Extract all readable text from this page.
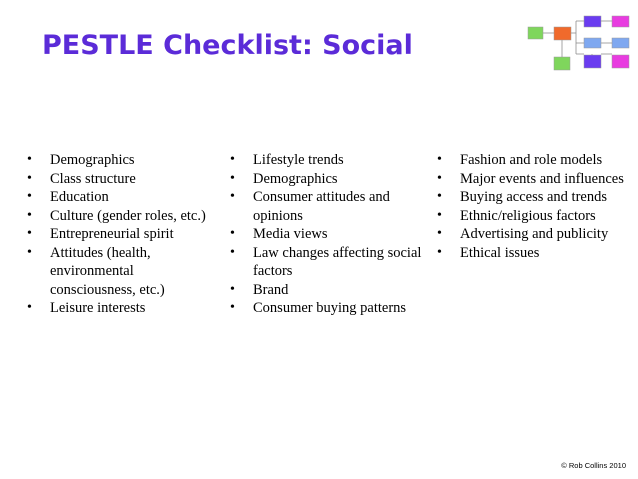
PESTLE Checklist: Social
• Demographics
• Class structure
• Education
• Culture (gender roles, etc.)
• Entrepreneurial spirit
• Attitudes (health, environmental consciousness, etc.)
• Leisure interests
• Lifestyle trends
• Demographics
• Consumer attitudes and opinions
• Media views
• Law changes affecting social factors
• Brand
• Consumer buying patterns
• Fashion and role models
• Major events and influences
• Buying access and trends
• Ethnic/religious factors
• Advertising and publicity
• Ethical issues
© Rob Collins 2010
